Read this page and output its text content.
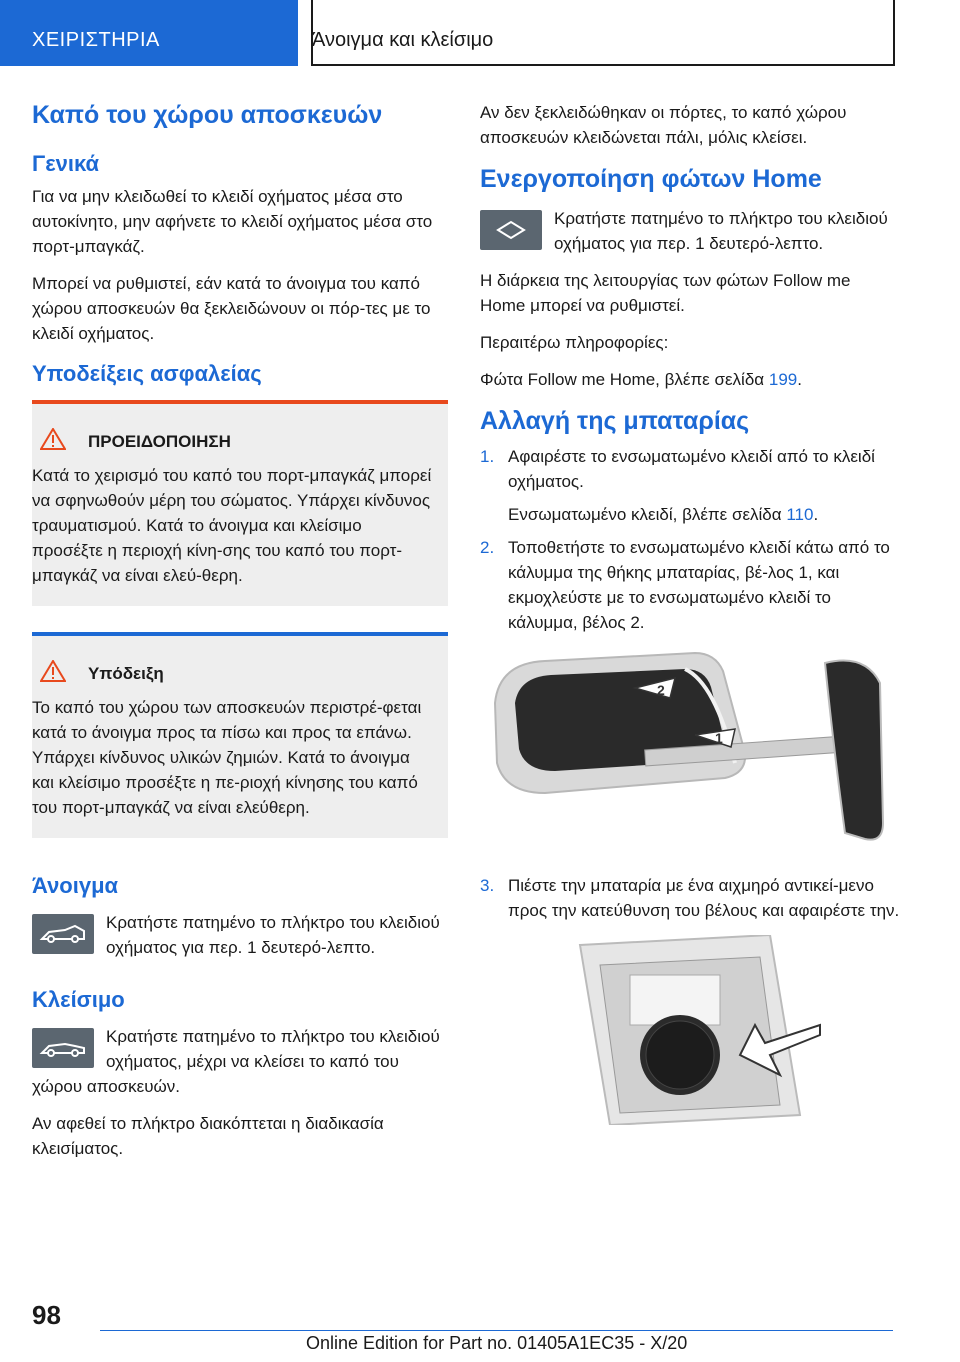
ΧΕΙΡΙΣΤΗΡΙΑ	Άνοιγμα και κλείσιμο
Καπό του χώρου αποσκευών
Γενικά
Για να μην κλειδωθεί το κλειδί οχήματος μέσα στο αυτοκίνητο, μην αφήνετε το κλειδί οχήματος μέσα στο πορτ-μπαγκάζ.
Μπορεί να ρυθμιστεί, εάν κατά το άνοιγμα του καπό χώρου αποσκευών θα ξεκλειδώνουν οι πόρ-τες με το κλειδί οχήματος.
Υποδείξεις ασφαλείας
ΠΡΟΕΙΔΟΠΟΙΗΣΗ
Κατά το χειρισμό του καπό του πορτ-μπαγκάζ μπορεί να σφηνωθούν μέρη του σώματος. Υπάρχει κίνδυνος τραυματισμού. Κατά το άνοιγμα και κλείσιμο προσέξτε η περιοχή κίνη-σης του καπό του πορτ-μπαγκάζ να είναι ελεύ-θερη.
Υπόδειξη
Το καπό του χώρου των αποσκευών περιστρέ-φεται κατά το άνοιγμα προς τα πίσω και προς τα επάνω. Υπάρχει κίνδυνος υλικών ζημιών. Κατά το άνοιγμα και κλείσιμο προσέξτε η πε-ριοχή κίνησης του καπό του πορτ-μπαγκάζ να είναι ελεύθερη.
Άνοιγμα
Κρατήστε πατημένο το πλήκτρο του κλειδιού οχήματος για περ. 1 δευτερό-λεπτο.
Κλείσιμο
Κρατήστε πατημένο το πλήκτρο του κλειδιού οχήματος, μέχρι να κλείσει το καπό του χώρου αποσκευών.
Αν αφεθεί το πλήκτρο διακόπτεται η διαδικασία κλεισίματος.
Αν δεν ξεκλειδώθηκαν οι πόρτες, το καπό χώρου αποσκευών κλειδώνεται πάλι, μόλις κλείσει.
Ενεργοποίηση φώτων Home
Κρατήστε πατημένο το πλήκτρο του κλειδιού οχήματος για περ. 1 δευτερό-λεπτο.
Η διάρκεια της λειτουργίας των φώτων Follow me Home μπορεί να ρυθμιστεί.
Περαιτέρω πληροφορίες:
Φώτα Follow me Home, βλέπε σελίδα 199.
Αλλαγή της μπαταρίας
1. Αφαιρέστε το ενσωματωμένο κλειδί από το κλειδί οχήματος.
Ενσωματωμένο κλειδί, βλέπε σελίδα 110.
2. Τοποθετήστε το ενσωματωμένο κλειδί κάτω από το κάλυμμα της θήκης μπαταρίας, βέ-λος 1, και εκμοχλεύστε με το ενσωματωμένο κλειδί το κάλυμμα, βέλος 2.
2
1
3. Πιέστε την μπαταρία με ένα αιχμηρό αντικεί-μενο προς την κατεύθυνση του βέλους και αφαιρέστε την.
98
Online Edition for Part no. 01405A1EC35 - X/20
